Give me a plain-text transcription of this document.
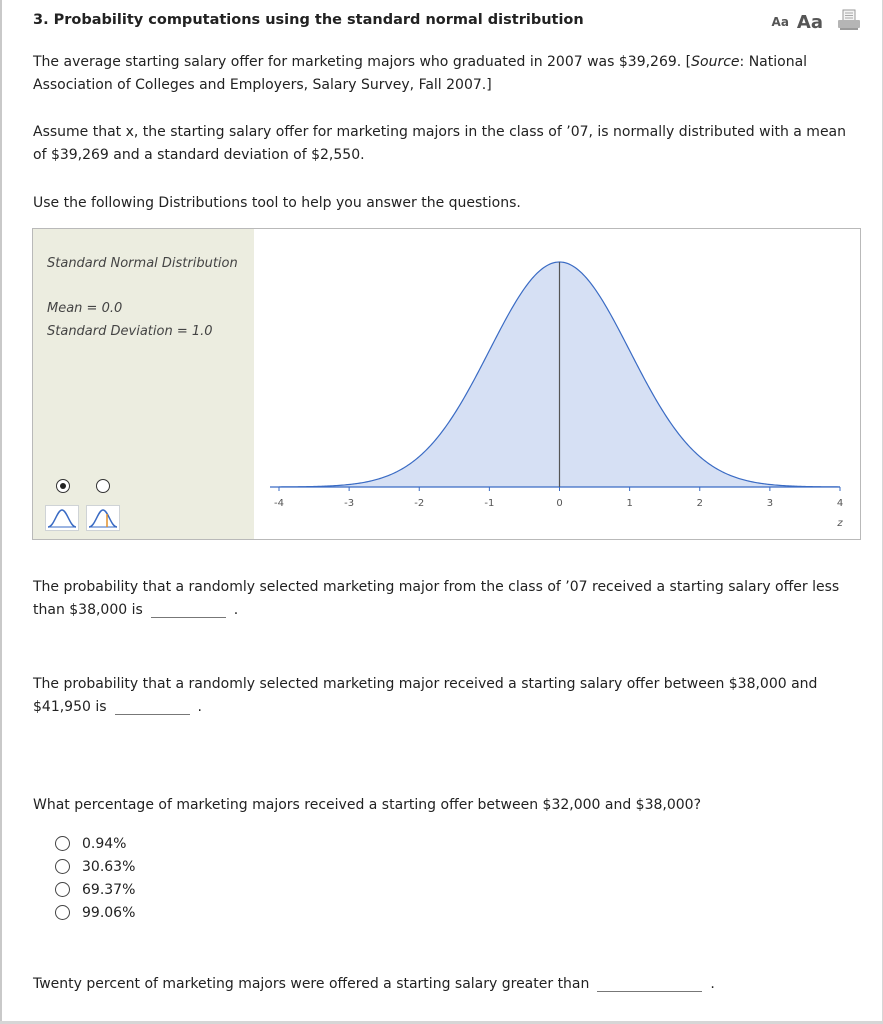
3. Probability computations using the standard normal distribution	Aa Aa
The average starting salary offer for marketing majors who graduated in 2007 was $39,269. [Source: National Association of Colleges and Employers, Salary Survey, Fall 2007.]
Assume that x, the starting salary offer for marketing majors in the class of ’07, is normally distributed with a mean of $39,269 and a standard deviation of $2,550.
Use the following Distributions tool to help you answer the questions.
Standard Normal Distribution
Mean = 0.0
Standard Deviation = 1.0
-4	-3	-2	-1	0	1	2	3	4
z
The probability that a randomly selected marketing major from the class of ’07 received a starting salary offer less than $38,000 is	.
The probability that a randomly selected marketing major received a starting salary offer between $38,000 and $41,950 is	.
What percentage of marketing majors received a starting offer between $32,000 and $38,000?
0.94%
30.63%
69.37%
99.06%
Twenty percent of marketing majors were offered a starting salary greater than	.
